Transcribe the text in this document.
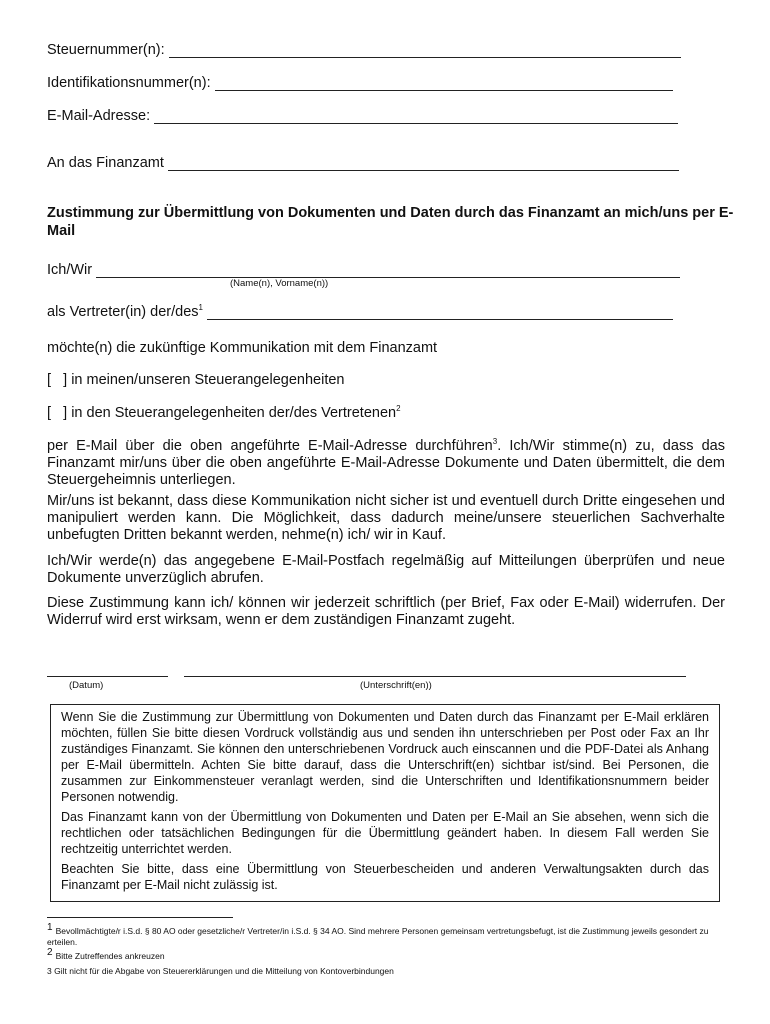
Steuernummer(n):
Identifikationsnummer(n):
E-Mail-Adresse:
An das Finanzamt
Zustimmung zur Übermittlung von Dokumenten und Daten durch das Finanzamt an mich/uns per E-Mail
Ich/Wir
(Name(n), Vorname(n))
als Vertreter(in) der/des$^1$
möchte(n) die zukünftige Kommunikation mit dem Finanzamt
[   ] in meinen/unseren Steuerangelegenheiten
[   ] in den Steuerangelegenheiten der/des Vertretenen$^2$
per E-Mail über die oben angeführte E-Mail-Adresse durchführen$^3$. Ich/Wir stimme(n) zu, dass das Finanzamt mir/uns über die oben angeführte E-Mail-Adresse Dokumente und Daten übermittelt, die dem Steuergeheimnis unterliegen.
Mir/uns ist bekannt, dass diese Kommunikation nicht sicher ist und eventuell durch Dritte eingesehen und manipuliert werden kann. Die Möglichkeit, dass dadurch meine/unsere steuerlichen Sachverhalte unbefugten Dritten bekannt werden, nehme(n) ich/ wir in Kauf.
Ich/Wir werde(n) das angegebene E-Mail-Postfach regelmäßig auf Mitteilungen überprüfen und neue Dokumente unverzüglich abrufen.
Diese Zustimmung kann ich/ können wir jederzeit schriftlich (per Brief, Fax oder E-Mail) widerrufen. Der Widerruf wird erst wirksam, wenn er dem zuständigen Finanzamt zugeht.
(Datum)	(Unterschrift(en))

Wenn Sie die Zustimmung zur Übermittlung von Dokumenten und Daten durch das Finanzamt per E-Mail erklären möchten, füllen Sie bitte diesen Vordruck vollständig aus und senden ihn unterschrieben per Post oder Fax an Ihr zuständiges Finanzamt. Sie können den unterschriebenen Vordruck auch einscannen und die PDF-Datei als Anhang per E-Mail übermitteln. Achten Sie bitte darauf, dass die Unterschrift(en) sichtbar ist/sind. Bei Personen, die zusammen zur Einkommensteuer veranlagt werden, sind die Unterschriften und Identifikationsnummern beider Personen notwendig.

Das Finanzamt kann von der Übermittlung von Dokumenten und Daten per E-Mail an Sie absehen, wenn sich die rechtlichen oder tatsächlichen Bedingungen für die Übermittlung geändert haben. In diesem Fall werden Sie rechtzeitig unterrichtet werden.

Beachten Sie bitte, dass eine Übermittlung von Steuerbescheiden und anderen Verwaltungsakten durch das Finanzamt per E-Mail nicht zulässig ist.

1 Bevollmächtigte/r i.S.d. § 80 AO oder gesetzliche/r Vertreter/in i.S.d. § 34 AO. Sind mehrere Personen gemeinsam vertretungsbefugt, ist die Zustimmung jeweils gesondert zu erteilen.
2 Bitte Zutreffendes ankreuzen
3 Gilt nicht für die Abgabe von Steuererklärungen und die Mitteilung von Kontoverbindungen
